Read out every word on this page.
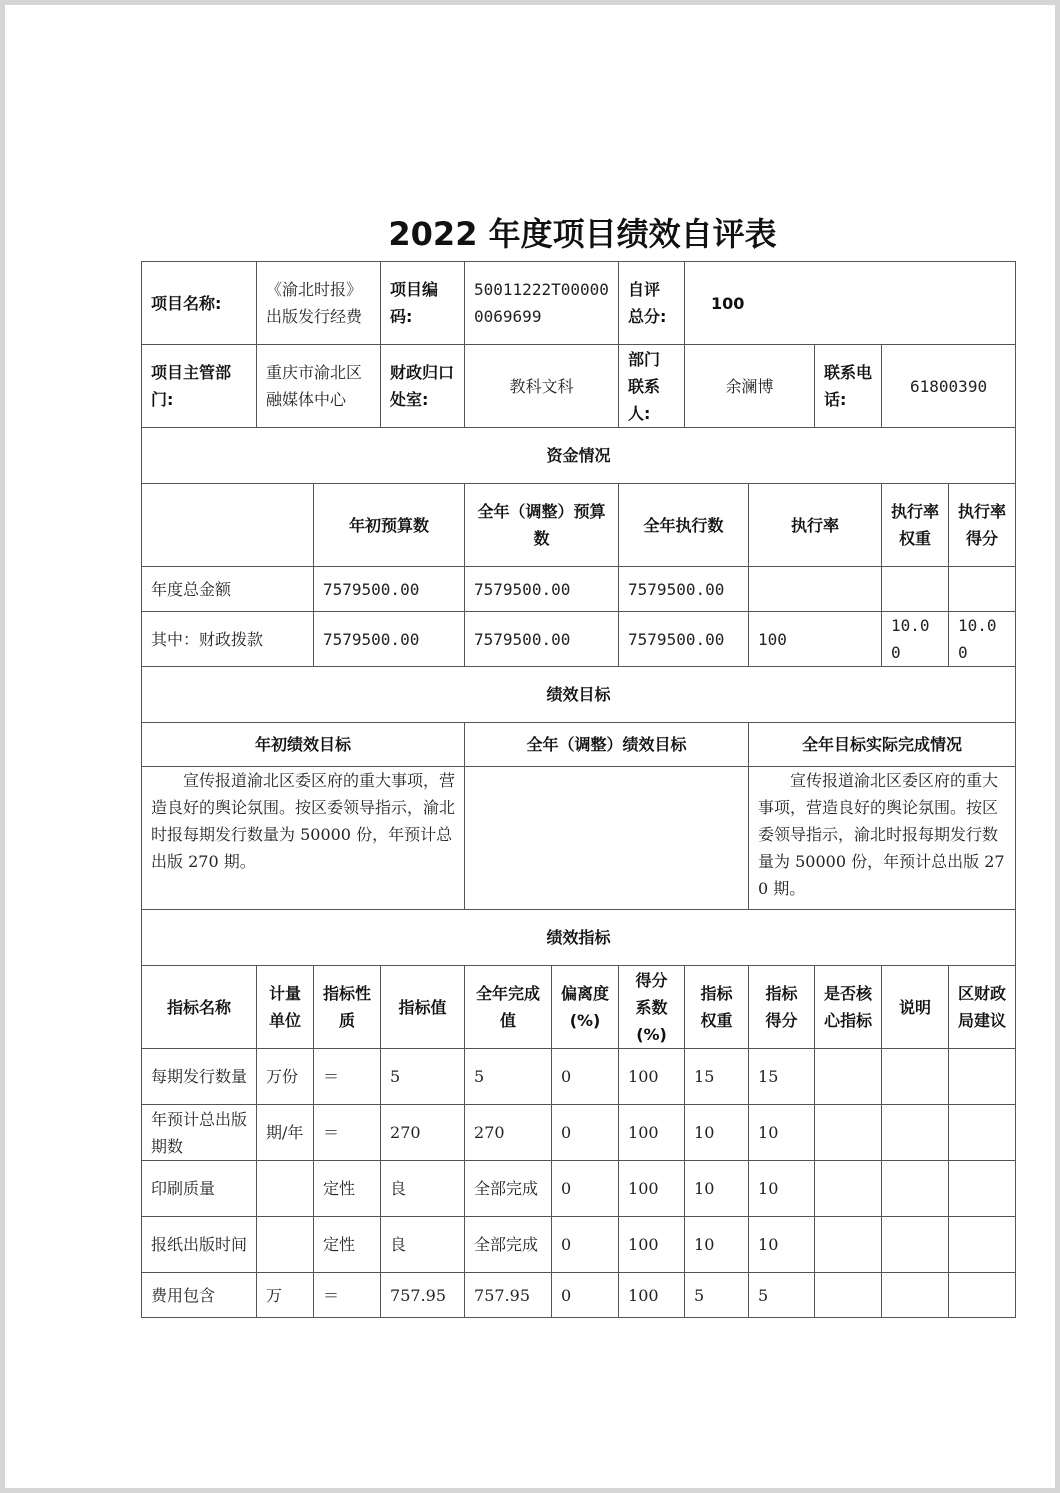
2022 年度项目绩效自评表
项目名称:	《渝北时报》出版发行经费		项目编码:	50011222T000000069699		自评总分:	100				
项目主管部门:	重庆市渝北区融媒体中心		财政归口处室:	教科文科		部门联系人:	余澜博		联系电话:	61800390	
资金情况											
		年初预算数		全年（调整）预算数		全年执行数		执行率		执行率权重	执行率得分
年度总金额		7579500.00		7579500.00		7579500.00					
其中：财政拨款		7579500.00		7579500.00		7579500.00		100		10.00	10.00
绩效目标											
年初绩效目标				全年（调整）绩效目标				全年目标实际完成情况			
宣传报道渝北区委区府的重大事项，营造良好的舆论氛围。按区委领导指示，渝北时报每期发行数量为 50000 份，年预计总出版 270 期。								宣传报道渝北区委区府的重大事项，营造良好的舆论氛围。按区委领导指示，渝北时报每期发行数量为 50000 份，年预计总出版 270 期。			
绩效指标											
指标名称	计量单位	指标性质	指标值	全年完成值	偏离度(%)	得分系数(%)	指标权重	指标得分	是否核心指标	说明	区财政局建议
每期发行数量	万份	＝	5	5	0	100	15	15			
年预计总出版期数	期/年	＝	270	270	0	100	10	10			
印刷质量		定性	良	全部完成	0	100	10	10			
报纸出版时间		定性	良	全部完成	0	100	10	10			
费用包含	万	＝	757.95	757.95	0	100	5	5			
